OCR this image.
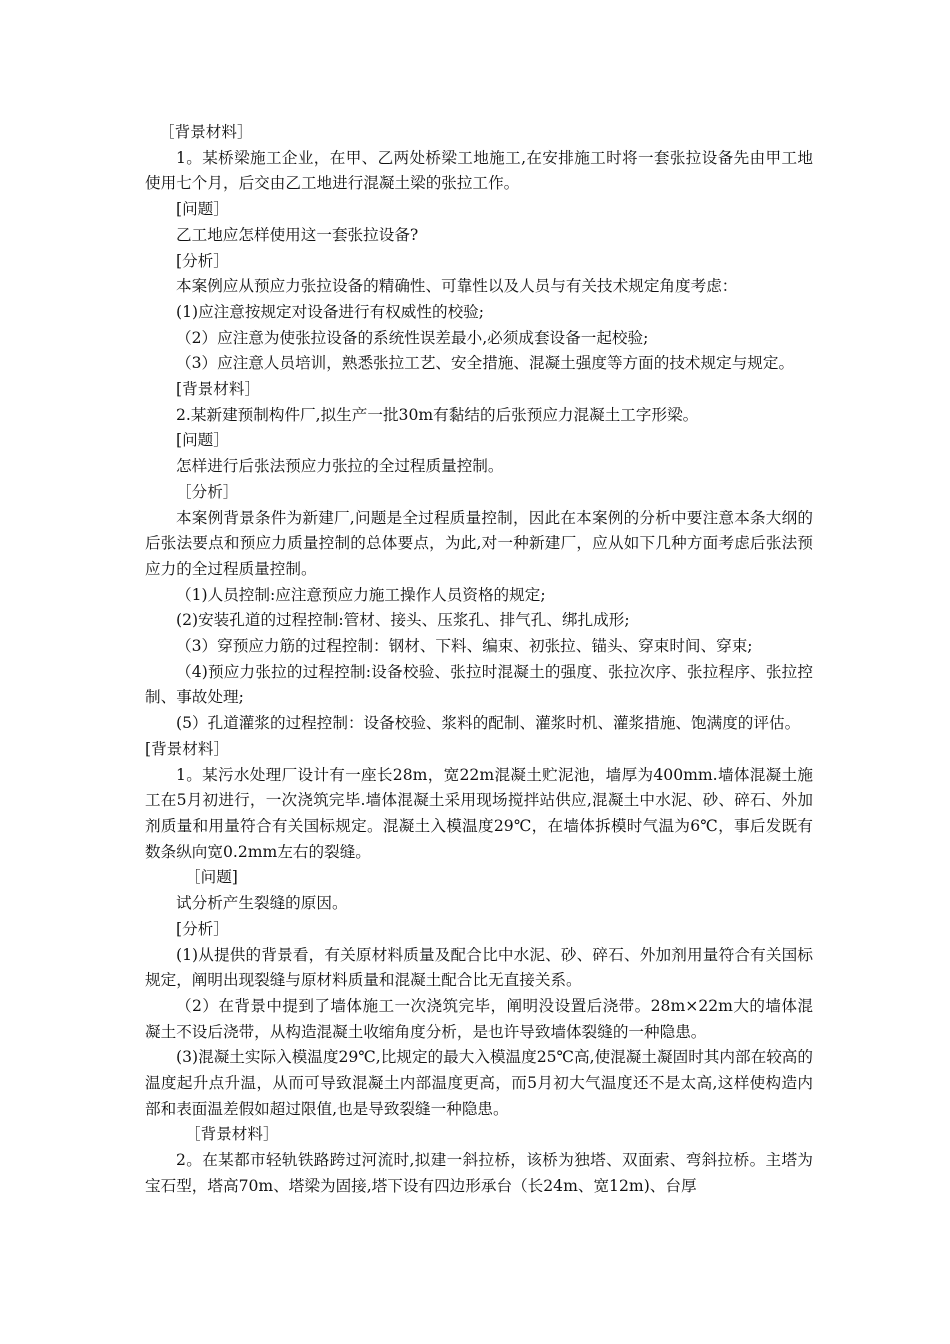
［背景材料］

1。某桥梁施工企业，在甲、乙两处桥梁工地施工,在安排施工时将一套张拉设备先由甲工地使用七个月，后交由乙工地进行混凝土梁的张拉工作。

[问题］

乙工地应怎样使用这一套张拉设备?

[分析］

本案例应从预应力张拉设备的精确性、可靠性以及人员与有关技术规定角度考虑：

(1)应注意按规定对设备进行有权威性的校验;

（2）应注意为使张拉设备的系统性误差最小,必须成套设备一起校验;

（3）应注意人员培训，熟悉张拉工艺、安全措施、混凝土强度等方面的技术规定与规定。

[背景材料］

2.某新建预制构件厂,拟生产一批30m有黏结的后张预应力混凝土工字形梁。

[问题］

怎样进行后张法预应力张拉的全过程质量控制。

［分析］

本案例背景条件为新建厂,问题是全过程质量控制，因此在本案例的分析中要注意本条大纲的后张法要点和预应力质量控制的总体要点，为此,对一种新建厂，应从如下几种方面考虑后张法预应力的全过程质量控制。

（1)人员控制:应注意预应力施工操作人员资格的规定;

(2)安装孔道的过程控制:管材、接头、压浆孔、排气孔、绑扎成形;

（3）穿预应力筋的过程控制：钢材、下料、编束、初张拉、锚头、穿束时间、穿束;

（4)预应力张拉的过程控制:设备校验、张拉时混凝土的强度、张拉次序、张拉程序、张拉控制、事故处理;

(5）孔道灌浆的过程控制：设备校验、浆料的配制、灌浆时机、灌浆措施、饱满度的评估。

[背景材料］

1。某污水处理厂设计有一座长28m，宽22m混凝土贮泥池，墙厚为400mm.墙体混凝土施工在5月初进行，一次浇筑完毕.墙体混凝土采用现场搅拌站供应,混凝土中水泥、砂、碎石、外加剂质量和用量符合有关国标规定。混凝土入模温度29℃，在墙体拆模时气温为6℃，事后发既有数条纵向宽0.2mm左右的裂缝。

［问题]

试分析产生裂缝的原因。

[分析］

(1)从提供的背景看，有关原材料质量及配合比中水泥、砂、碎石、外加剂用量符合有关国标规定，阐明出现裂缝与原材料质量和混凝土配合比无直接关系。

（2）在背景中提到了墙体施工一次浇筑完毕，阐明没设置后浇带。28m×22m大的墙体混凝土不设后浇带，从构造混凝土收缩角度分析，是也许导致墙体裂缝的一种隐患。

(3)混凝土实际入模温度29℃,比规定的最大入模温度25℃高,使混凝土凝固时其内部在较高的温度起升点升温，从而可导致混凝土内部温度更高，而5月初大气温度还不是太高,这样使构造内部和表面温差假如超过限值,也是导致裂缝一种隐患。

［背景材料］

2。在某都市轻轨铁路跨过河流时,拟建一斜拉桥，该桥为独塔、双面索、弯斜拉桥。主塔为宝石型，塔高70m、塔梁为固接,塔下设有四边形承台（长24m、宽12m)、台厚
